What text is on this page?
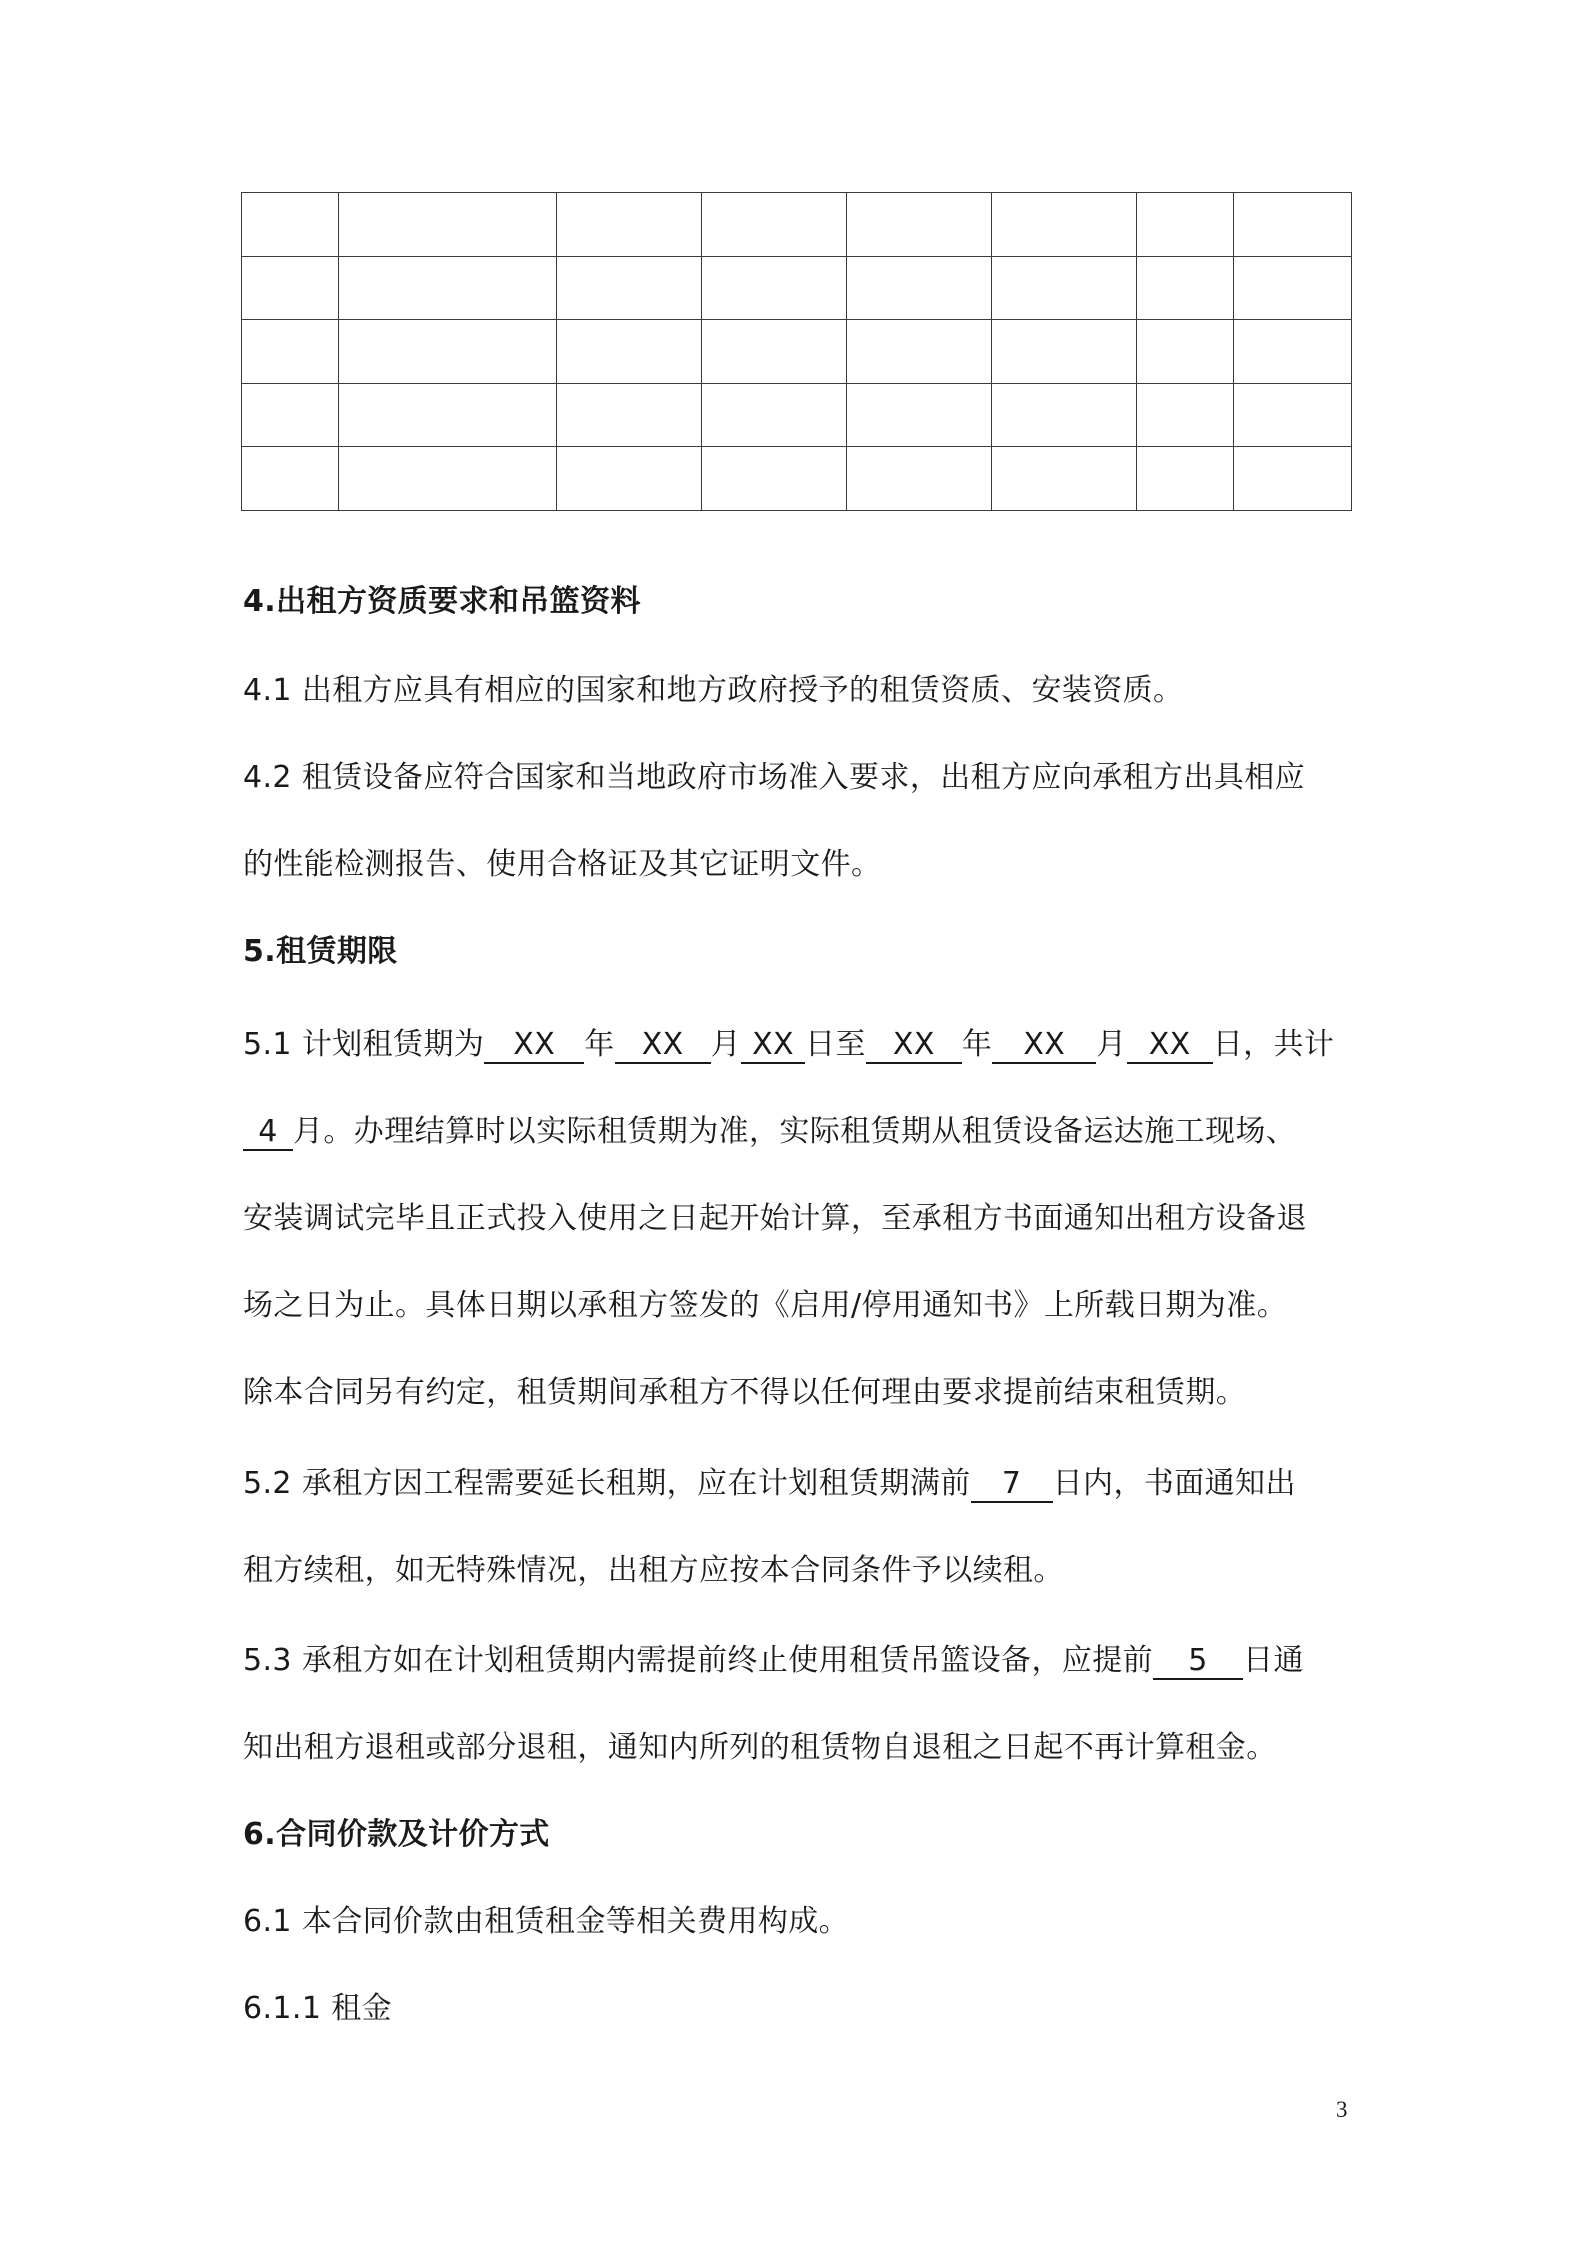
4.出租方资质要求和吊篮资料
4.1 出租方应具有相应的国家和地方政府授予的租赁资质、安装资质。
4.2 租赁设备应符合国家和当地政府市场准入要求，出租方应向承租方出具相应
的性能检测报告、使用合格证及其它证明文件。
5.租赁期限
5.1 计划租赁期为 XX 年 XX 月 XX 日至 XX 年 XX 月 XX 日，共计
4 月。办理结算时以实际租赁期为准，实际租赁期从租赁设备运达施工现场、
安装调试完毕且正式投入使用之日起开始计算，至承租方书面通知出租方设备退
场之日为止。具体日期以承租方签发的《启用/停用通知书》上所载日期为准。
除本合同另有约定，租赁期间承租方不得以任何理由要求提前结束租赁期。
5.2 承租方因工程需要延长租期，应在计划租赁期满前 7 日内，书面通知出
租方续租，如无特殊情况，出租方应按本合同条件予以续租。
5.3 承租方如在计划租赁期内需提前终止使用租赁吊篮设备，应提前 5 日通
知出租方退租或部分退租，通知内所列的租赁物自退租之日起不再计算租金。
6.合同价款及计价方式
6.1 本合同价款由租赁租金等相关费用构成。
6.1.1 租金
3
